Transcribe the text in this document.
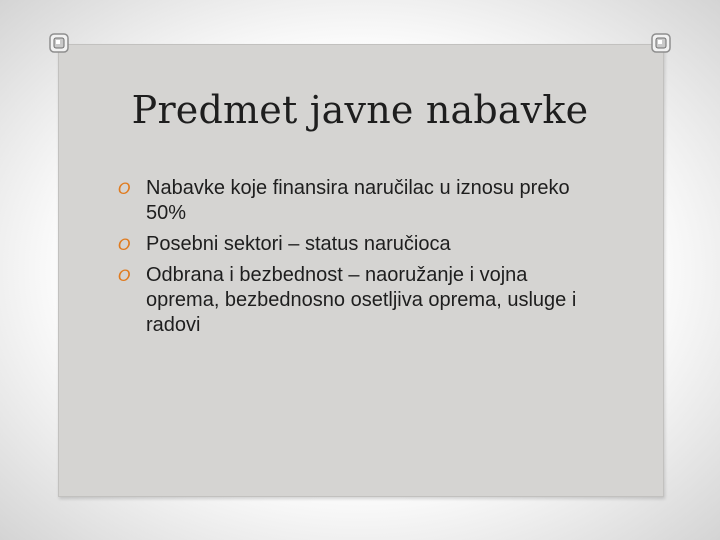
Predmet javne nabavke
O Nabavke koje finansira naručilac u iznosu preko 50%
O Posebni sektori – status naručioca
O Odbrana i bezbednost – naoružanje i vojna oprema, bezbednosno osetljiva oprema, usluge i radovi
